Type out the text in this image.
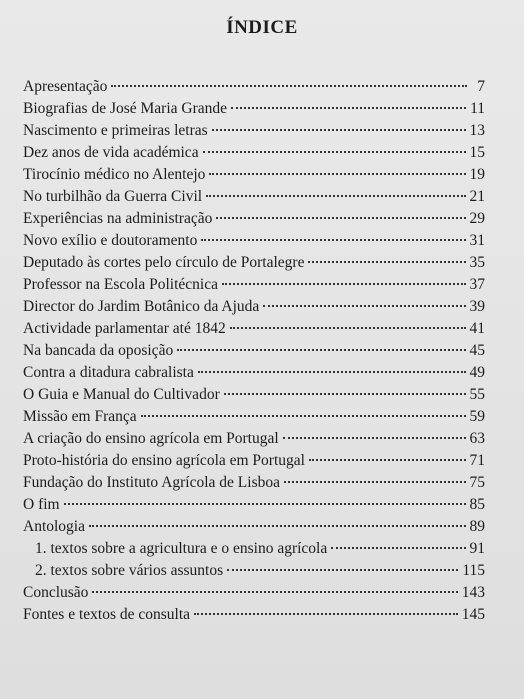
ÍNDICE
Apresentação	7
Biografias de José Maria Grande	11
Nascimento e primeiras letras	13
Dez anos de vida académica	15
Tirocínio médico no Alentejo	19
No turbilhão da Guerra Civil	21
Experiências na administração	29
Novo exílio e doutoramento	31
Deputado às cortes pelo círculo de Portalegre	35
Professor na Escola Politécnica	37
Director do Jardim Botânico da Ajuda	39
Actividade parlamentar até 1842	41
Na bancada da oposição	45
Contra a ditadura cabralista	49
O Guia e Manual do Cultivador	55
Missão em França	59
A criação do ensino agrícola em Portugal	63
Proto-história do ensino agrícola em Portugal	71
Fundação do Instituto Agrícola de Lisboa	75
O fim	85
Antologia	89
1. textos sobre a agricultura e o ensino agrícola	91
2. textos sobre vários assuntos	115
Conclusão	143
Fontes e textos de consulta	145
